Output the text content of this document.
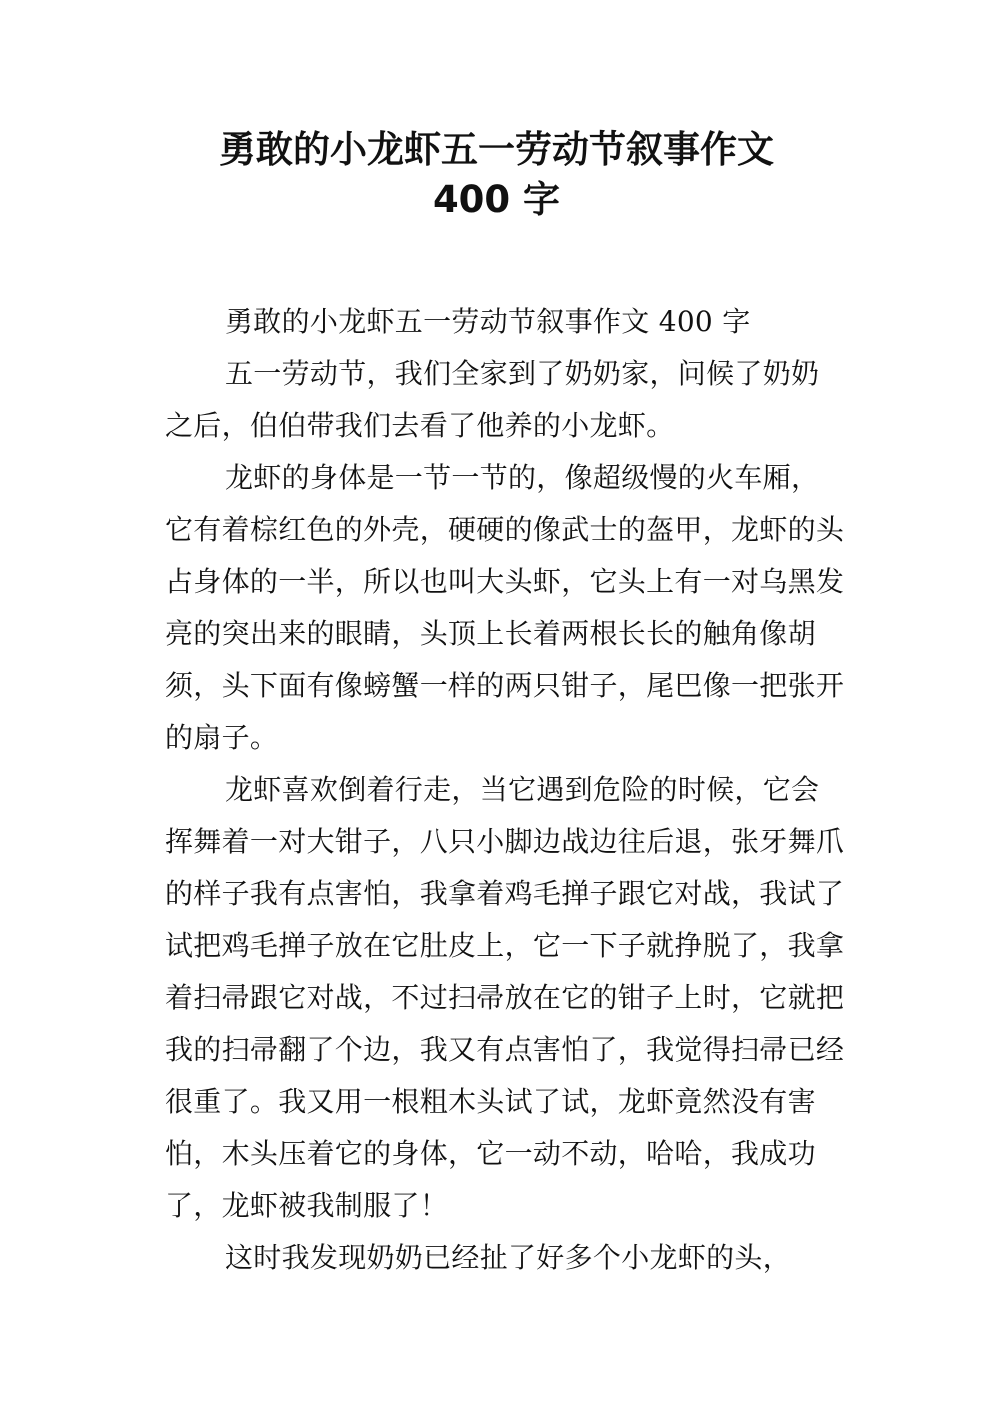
勇敢的小龙虾五一劳动节叙事作文
400 字

勇敢的小龙虾五一劳动节叙事作文 400 字

五一劳动节，我们全家到了奶奶家，问候了奶奶之后，伯伯带我们去看了他养的小龙虾。

龙虾的身体是一节一节的，像超级慢的火车厢，它有着棕红色的外壳，硬硬的像武士的盔甲，龙虾的头占身体的一半，所以也叫大头虾，它头上有一对乌黑发亮的突出来的眼睛，头顶上长着两根长长的触角像胡须，头下面有像螃蟹一样的两只钳子，尾巴像一把张开的扇子。

龙虾喜欢倒着行走，当它遇到危险的时候，它会挥舞着一对大钳子，八只小脚边战边往后退，张牙舞爪的样子我有点害怕，我拿着鸡毛掸子跟它对战，我试了试把鸡毛掸子放在它肚皮上，它一下子就挣脱了，我拿着扫帚跟它对战，不过扫帚放在它的钳子上时，它就把我的扫帚翻了个边，我又有点害怕了，我觉得扫帚已经很重了。我又用一根粗木头试了试，龙虾竟然没有害怕，木头压着它的身体，它一动不动，哈哈，我成功了，龙虾被我制服了！

这时我发现奶奶已经扯了好多个小龙虾的头，
